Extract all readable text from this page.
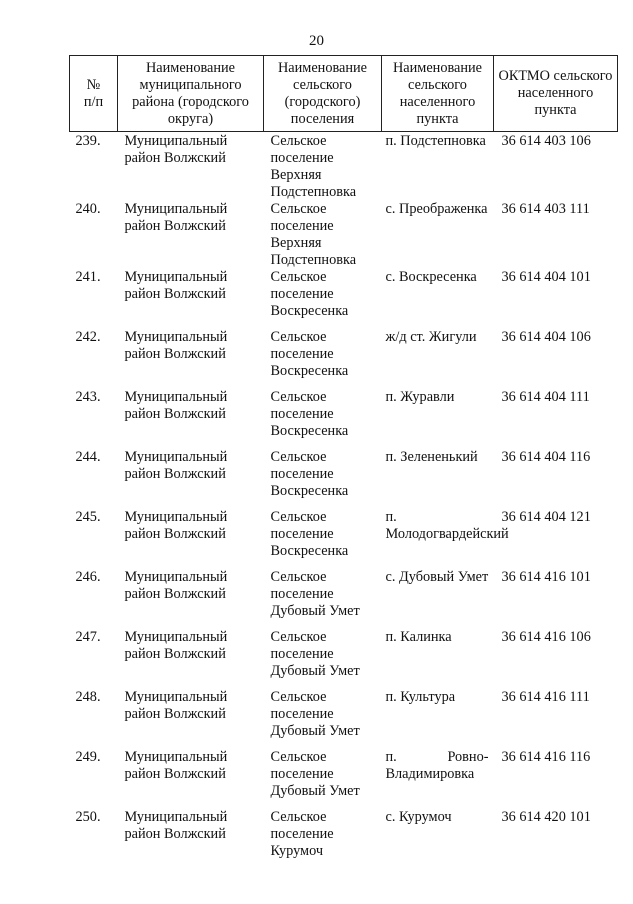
20
№
п/п	Наименование муниципального района (городского округа)	Наименование сельского (городского) поселения	Наименование сельского населенного пункта	ОКТМО сельского населенного пункта
239.	Муниципальный район Волжский	Сельское поселение Верхняя Подстепновка	п. Подстепновка	36 614 403 106
240.	Муниципальный район Волжский	Сельское поселение Верхняя Подстепновка	с. Преображенка	36 614 403 111
241.	Муниципальный район Волжский	Сельское поселение Воскресенка	с. Воскресенка	36 614 404 101
242.	Муниципальный район Волжский	Сельское поселение Воскресенка	ж/д ст. Жигули	36 614 404 106
243.	Муниципальный район Волжский	Сельское поселение Воскресенка	п. Журавли	36 614 404 111
244.	Муниципальный район Волжский	Сельское поселение Воскресенка	п. Зелененький	36 614 404 116
245.	Муниципальный район Волжский	Сельское поселение Воскресенка	п. Молодогвардейский	36 614 404 121
246.	Муниципальный район Волжский	Сельское поселение Дубовый Умет	с. Дубовый Умет	36 614 416 101
247.	Муниципальный район Волжский	Сельское поселение Дубовый Умет	п. Калинка	36 614 416 106
248.	Муниципальный район Волжский	Сельское поселение Дубовый Умет	п. Культура	36 614 416 111
249.	Муниципальный район Волжский	Сельское поселение Дубовый Умет	п. Ровно-Владимировка	36 614 416 116
250.	Муниципальный район Волжский	Сельское поселение Курумоч	с. Курумоч	36 614 420 101
